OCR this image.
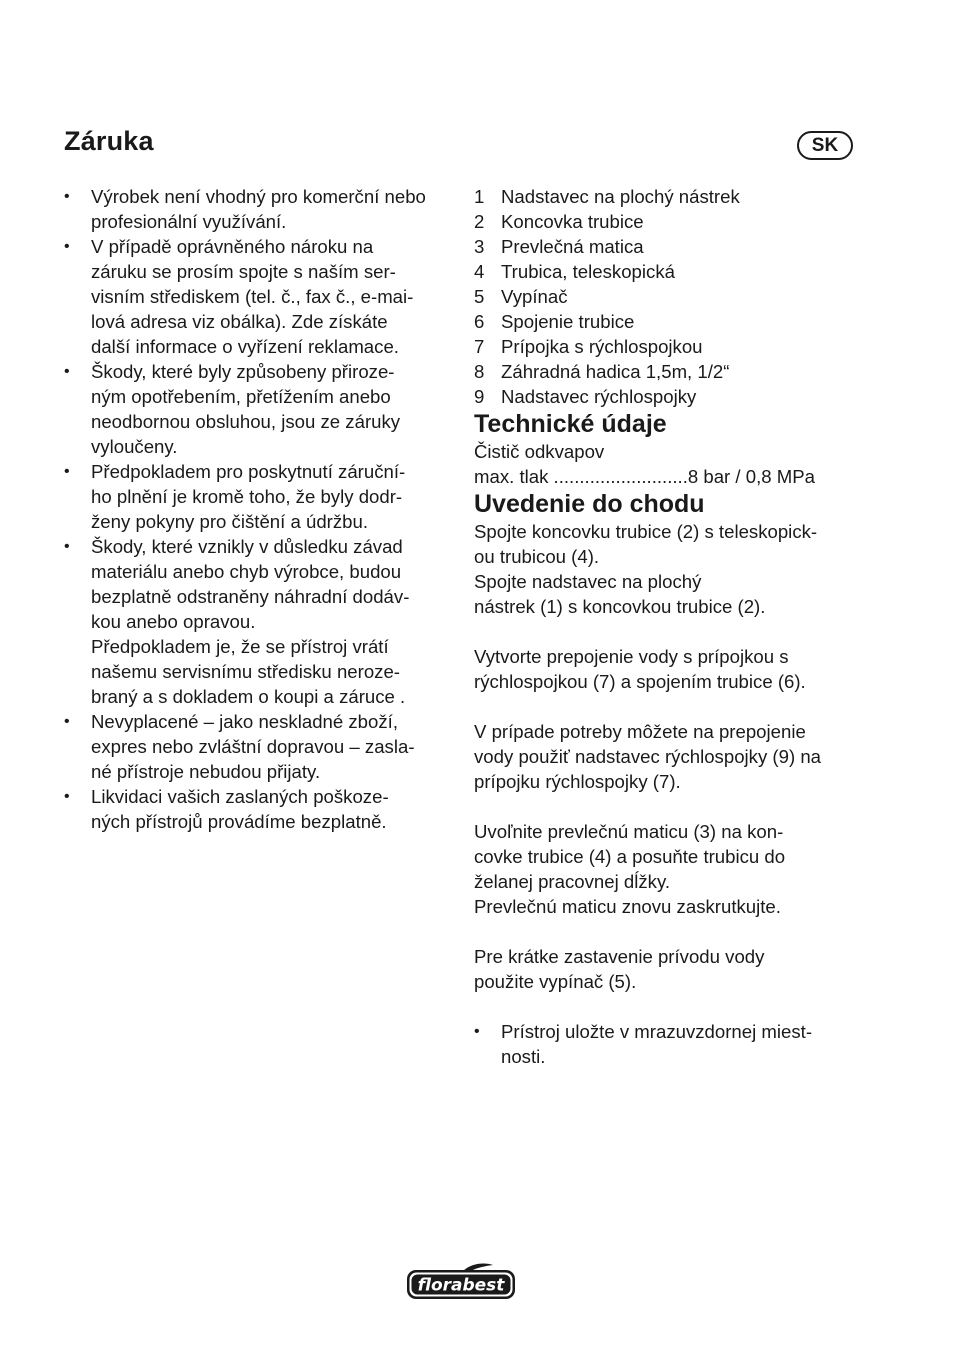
Záruka	SK
• Výrobek není vhodný pro komerční nebo
profesionální využívání.
• V případě oprávněného nároku na
záruku se prosím spojte s naším ser-
visním střediskem (tel. č., fax č., e-mai-
lová adresa viz obálka). Zde získáte
další informace o vyřízení reklamace.
• Škody, které byly způsobeny přiroze-
ným opotřebením, přetížením anebo
neodbornou obsluhou, jsou ze záruky
vyloučeny.
• Předpokladem pro poskytnutí záruční-
ho plnění je kromě toho, že byly dodr-
ženy pokyny pro čištění a údržbu.
• Škody, které vznikly v důsledku závad
materiálu anebo chyb výrobce, budou
bezplatně odstraněny náhradní dodáv-
kou anebo opravou.
Předpokladem je, že se přístroj vrátí
našemu servisnímu středisku neroze-
braný a s dokladem o koupi a záruce .
• Nevyplacené – jako neskladné zboží,
expres nebo zvláštní dopravou – zasla-
né přístroje nebudou přijaty.
• Likvidaci vašich zaslaných poškoze-
ných přístrojů provádíme bezplatně.
1 Nadstavec na plochý nástrek
2 Koncovka trubice
3 Prevlečná matica
4 Trubica, teleskopická
5 Vypínač
6 Spojenie trubice
7 Prípojka s rýchlospojkou
8 Záhradná hadica 1,5m, 1/2“
9 Nadstavec rýchlospojky
Technické údaje
Čistič odkvapov
max. tlak ..........................8 bar / 0,8 MPa
Uvedenie do chodu
Spojte koncovku trubice (2) s teleskopick-
ou trubicou (4).
Spojte nadstavec na plochý
nástrek (1) s koncovkou trubice (2).
Vytvorte prepojenie vody s prípojkou s
rýchlospojkou (7) a spojením trubice (6).
V prípade potreby môžete na prepojenie
vody použiť nadstavec rýchlospojky (9) na
prípojku rýchlospojky (7).
Uvoľnite prevlečnú maticu (3) na kon-
covke trubice (4) a posuňte trubicu do
želanej pracovnej dĺžky.
Prevlečnú maticu znovu zaskrutkujte.
Pre krátke zastavenie prívodu vody
použite vypínač (5).
• Prístroj uložte v mrazuvzdornej miest-
nosti.
florabest
